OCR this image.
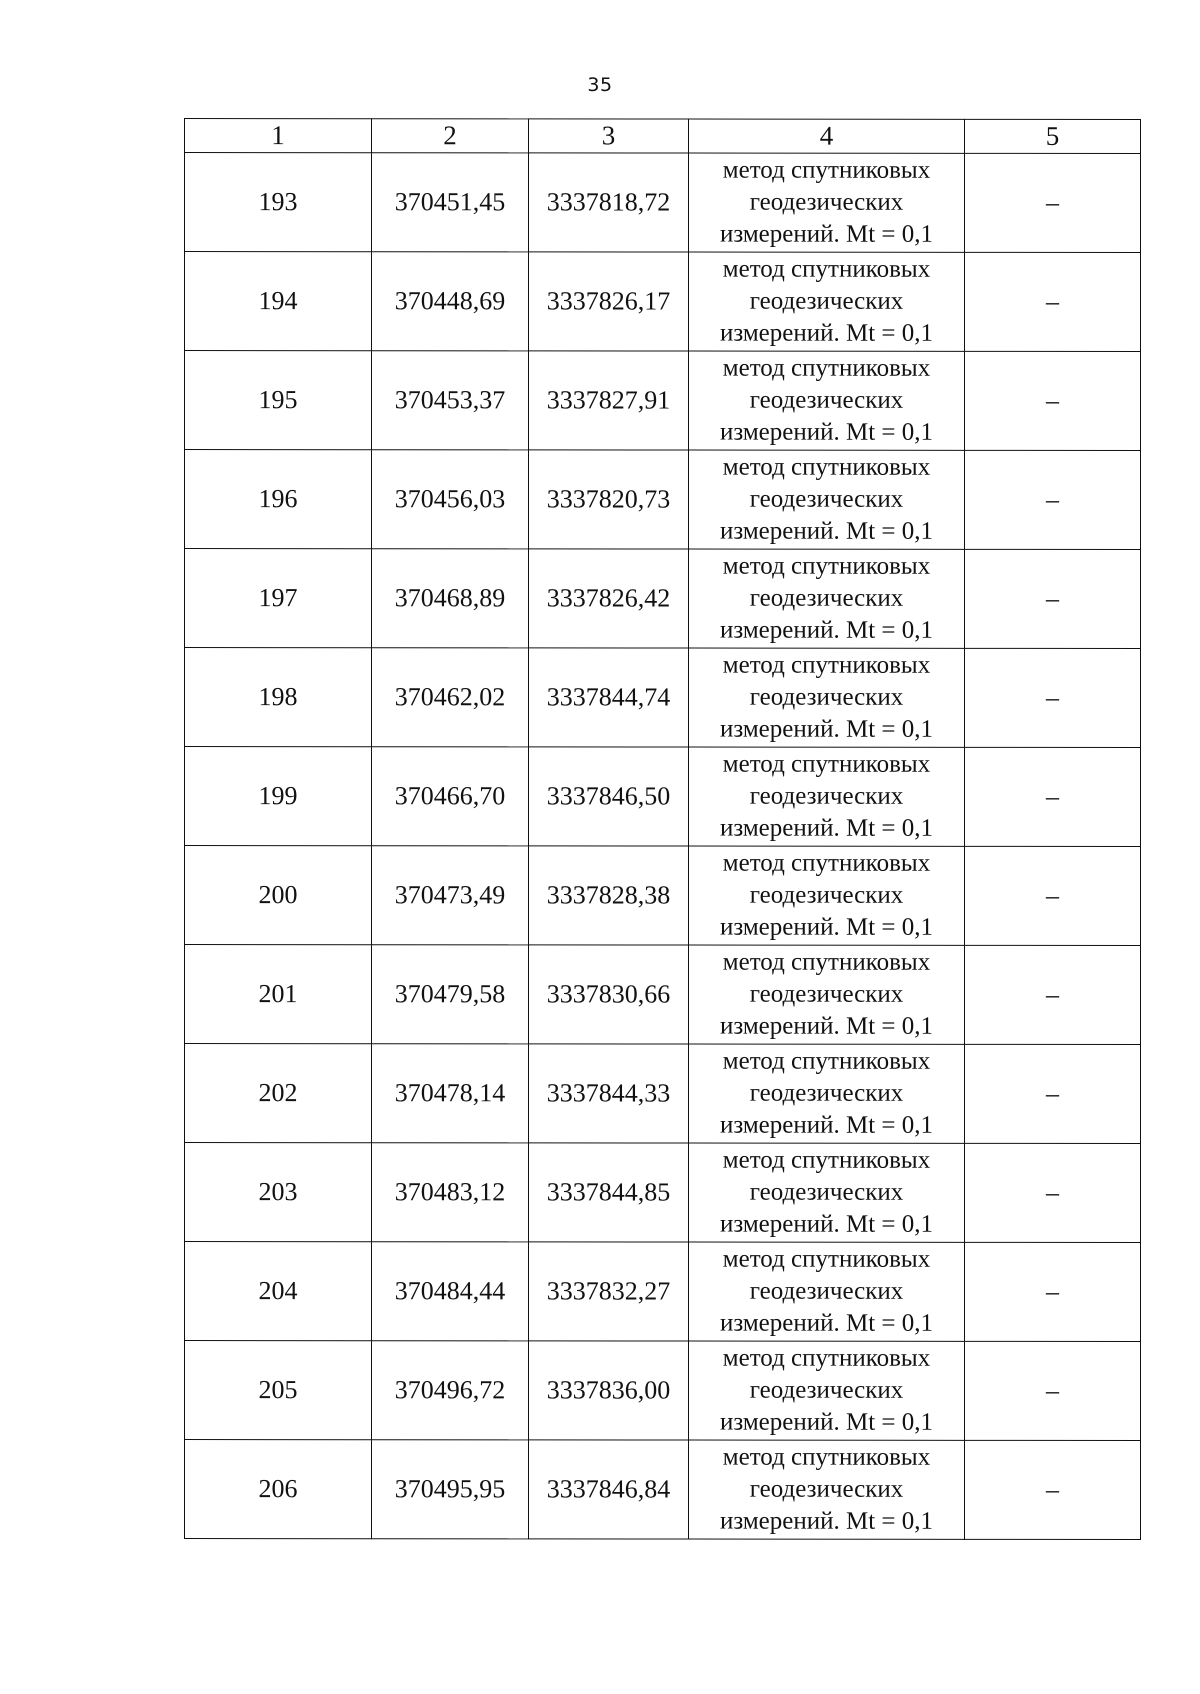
35
1	2	3	4	5
193	370451,45	3337818,72	метод спутниковых
геодезических
измерений. Mt = 0,1	–
194	370448,69	3337826,17	метод спутниковых
геодезических
измерений. Mt = 0,1	–
195	370453,37	3337827,91	метод спутниковых
геодезических
измерений. Mt = 0,1	–
196	370456,03	3337820,73	метод спутниковых
геодезических
измерений. Mt = 0,1	–
197	370468,89	3337826,42	метод спутниковых
геодезических
измерений. Mt = 0,1	–
198	370462,02	3337844,74	метод спутниковых
геодезических
измерений. Mt = 0,1	–
199	370466,70	3337846,50	метод спутниковых
геодезических
измерений. Mt = 0,1	–
200	370473,49	3337828,38	метод спутниковых
геодезических
измерений. Mt = 0,1	–
201	370479,58	3337830,66	метод спутниковых
геодезических
измерений. Mt = 0,1	–
202	370478,14	3337844,33	метод спутниковых
геодезических
измерений. Mt = 0,1	–
203	370483,12	3337844,85	метод спутниковых
геодезических
измерений. Mt = 0,1	–
204	370484,44	3337832,27	метод спутниковых
геодезических
измерений. Mt = 0,1	–
205	370496,72	3337836,00	метод спутниковых
геодезических
измерений. Mt = 0,1	–
206	370495,95	3337846,84	метод спутниковых
геодезических
измерений. Mt = 0,1	–
